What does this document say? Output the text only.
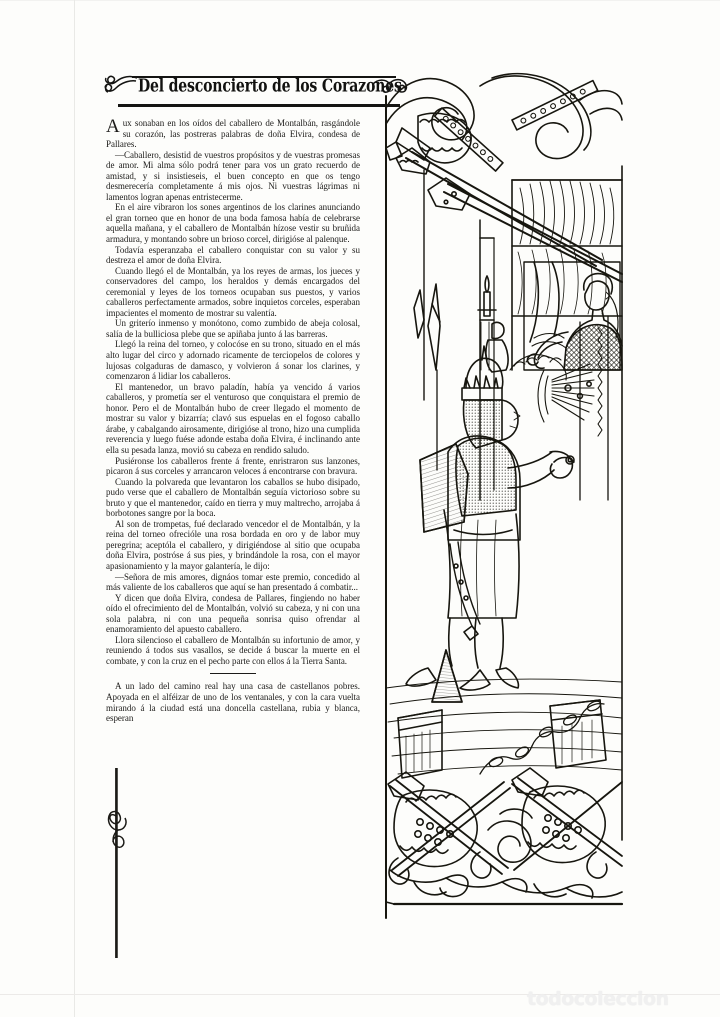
Del desconcierto de los Corazones

Aux sonaban en los oídos del caballero de Montalbán, rasgándole su corazón, las postreras palabras de doña Elvira, condesa de Pallares.

—Caballero, desistid de vuestros propósitos y de vuestras promesas de amor. Mi alma sólo podrá tener para vos un grato recuerdo de amistad, y si insistieseis, el buen concepto en que os tengo desmerecería completamente á mis ojos. Ni vuestras lágrimas ni lamentos logran apenas entristecerme.

En el aire vibraron los sones argentinos de los clarines anunciando el gran torneo que en honor de una boda famosa había de celebrarse aquella mañana, y el caballero de Montalbán hízose vestir su bruñida armadura, y montando sobre un brioso corcel, dirigióse al palenque.

Todavía esperanzaba el caballero conquistar con su valor y su destreza el amor de doña Elvira.

Cuando llegó el de Montalbán, ya los reyes de armas, los jueces y conservadores del campo, los heraldos y demás encargados del ceremonial y leyes de los torneos ocupaban sus puestos, y varios caballeros perfectamente armados, sobre inquietos corceles, esperaban impacientes el momento de mostrar su valentía.

Un griterío inmenso y monótono, como zumbido de abeja colosal, salía de la bulliciosa plebe que se apiñaba junto á las barreras.

Llegó la reina del torneo, y colocóse en su trono, situado en el más alto lugar del circo y adornado ricamente de terciopelos de colores y lujosas colgaduras de damasco, y volvieron á sonar los clarines, y comenzaron á lidiar los caballeros.

El mantenedor, un bravo paladín, había ya vencido á varios caballeros, y prometía ser el venturoso que conquistara el premio de honor. Pero el de Montalbán hubo de creer llegado el momento de mostrar su valor y bizarría; clavó sus espuelas en el fogoso caballo árabe, y cabalgando airosamente, dirigióse al trono, hizo una cumplida reverencia y luego fuése adonde estaba doña Elvira, é inclinando ante ella su pesada lanza, movió su cabeza en rendido saludo.

Pusiéronse los caballeros frente á frente, enristraron sus lanzones, picaron á sus corceles y arrancaron veloces á encontrarse con bravura.

Cuando la polvareda que levantaron los caballos se hubo disipado, pudo verse que el caballero de Montalbán seguía victorioso sobre su bruto y que el mantenedor, caído en tierra y muy maltrecho, arrojaba á borbotones sangre por la boca.

Al son de trompetas, fué declarado vencedor el de Montalbán, y la reina del torneo ofrecióle una rosa bordada en oro y de labor muy peregrina; aceptóla el caballero, y dirigiéndose al sitio que ocupaba doña Elvira, postróse á sus pies, y brindándole la rosa, con el mayor apasionamiento y la mayor galantería, le dijo:

—Señora de mis amores, dignáos tomar este premio, concedido al más valiente de los caballeros que aquí se han presentado á combatir...

Y dicen que doña Elvira, condesa de Pallares, fingiendo no haber oído el ofrecimiento del de Montalbán, volvió su cabeza, y ni con una sola palabra, ni con una pequeña sonrisa quiso ofrendar al enamoramiento del apuesto caballero.

Llora silencioso el caballero de Montalbán su infortunio de amor, y reuniendo á todos sus vasallos, se decide á buscar la muerte en el combate, y con la cruz en el pecho parte con ellos á la Tierra Santa.

A un lado del camino real hay una casa de castellanos pobres. Apoyada en el alféizar de uno de los ventanales, y con la cara vuelta mirando á la ciudad está una doncella castellana, rubia y blanca, esperan

todocoleccion
